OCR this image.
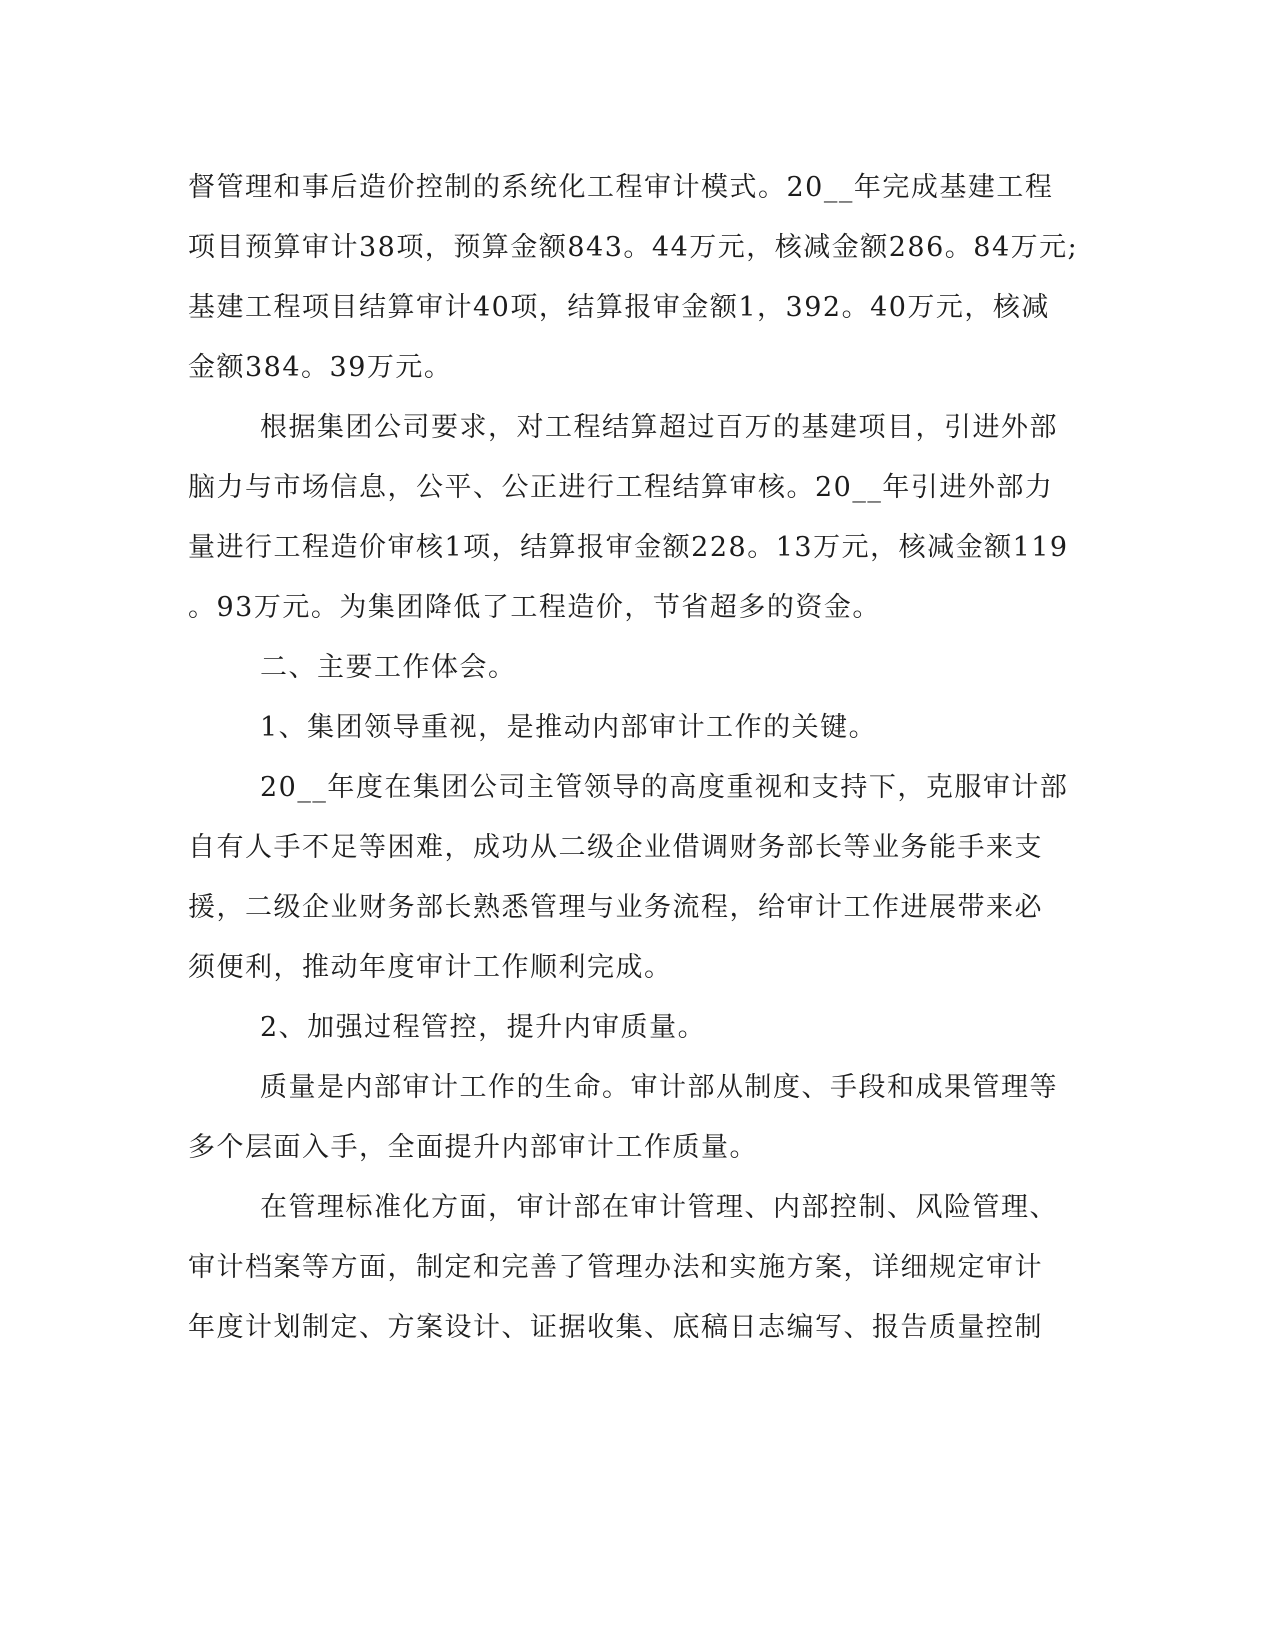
督管理和事后造价控制的系统化工程审计模式。20__年完成基建工程
项目预算审计38项，预算金额843。44万元，核减金额286。84万元;
基建工程项目结算审计40项，结算报审金额1，392。40万元，核减
金额384。39万元。
根据集团公司要求，对工程结算超过百万的基建项目，引进外部
脑力与市场信息，公平、公正进行工程结算审核。20__年引进外部力
量进行工程造价审核1项，结算报审金额228。13万元，核减金额119
。93万元。为集团降低了工程造价，节省超多的资金。
二、主要工作体会。
1、集团领导重视，是推动内部审计工作的关键。
20__年度在集团公司主管领导的高度重视和支持下，克服审计部
自有人手不足等困难，成功从二级企业借调财务部长等业务能手来支
援，二级企业财务部长熟悉管理与业务流程，给审计工作进展带来必
须便利，推动年度审计工作顺利完成。
2、加强过程管控，提升内审质量。
质量是内部审计工作的生命。审计部从制度、手段和成果管理等
多个层面入手，全面提升内部审计工作质量。
在管理标准化方面，审计部在审计管理、内部控制、风险管理、
审计档案等方面，制定和完善了管理办法和实施方案，详细规定审计
年度计划制定、方案设计、证据收集、底稿日志编写、报告质量控制
